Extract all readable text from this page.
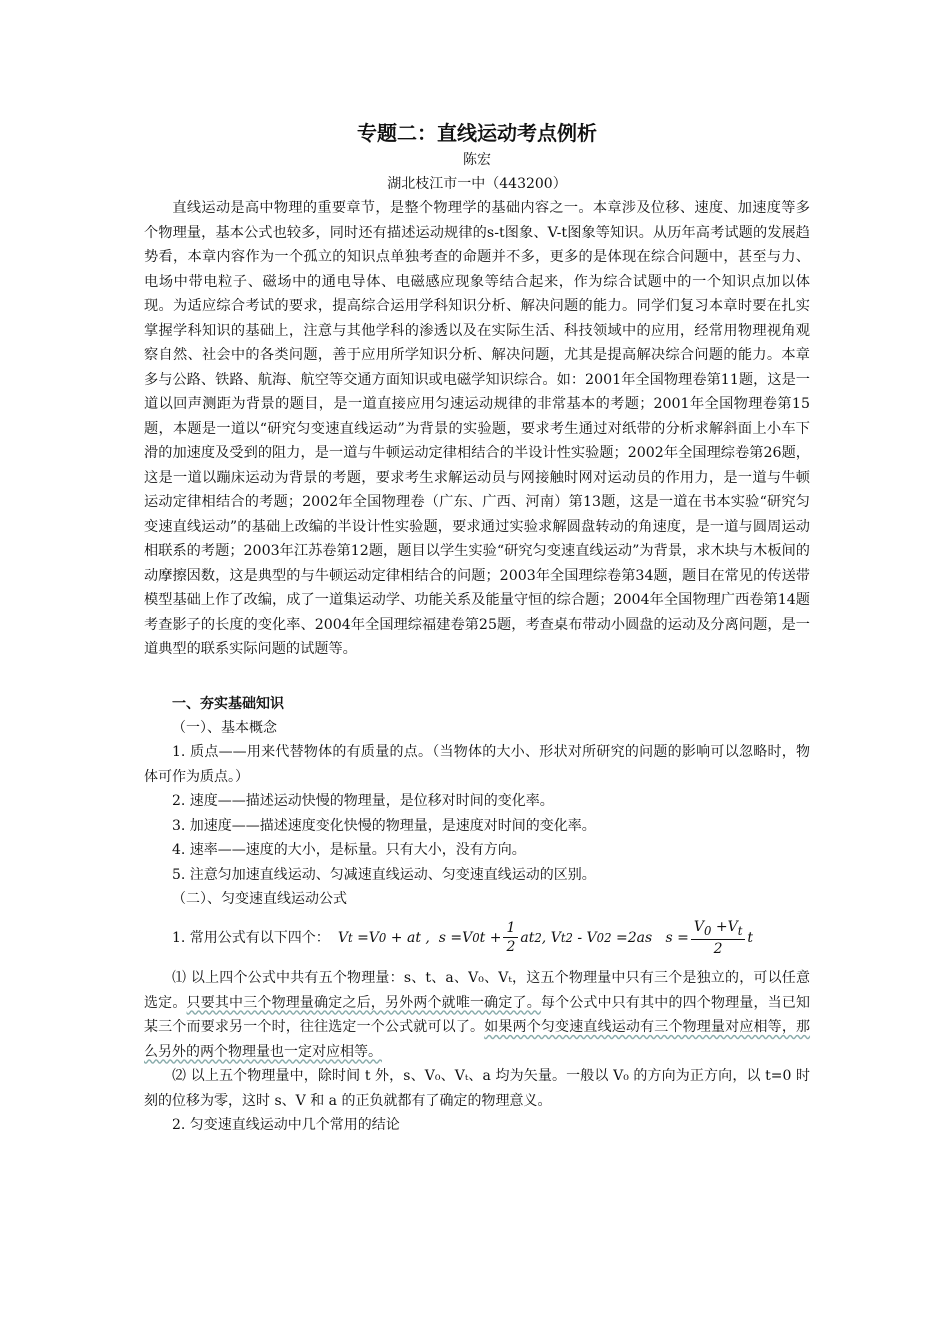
专题二：直线运动考点例析
陈宏
湖北枝江市一中（443200）

直线运动是高中物理的重要章节，是整个物理学的基础内容之一。本章涉及位移、速度、加速度等多个物理量，基本公式也较多，同时还有描述运动规律的s-t图象、V-t图象等知识。从历年高考试题的发展趋势看，本章内容作为一个孤立的知识点单独考查的命题并不多，更多的是体现在综合问题中，甚至与力、电场中带电粒子、磁场中的通电导体、电磁感应现象等结合起来，作为综合试题中的一个知识点加以体现。为适应综合考试的要求，提高综合运用学科知识分析、解决问题的能力。同学们复习本章时要在扎实掌握学科知识的基础上，注意与其他学科的渗透以及在实际生活、科技领域中的应用，经常用物理视角观察自然、社会中的各类问题，善于应用所学知识分析、解决问题，尤其是提高解决综合问题的能力。本章多与公路、铁路、航海、航空等交通方面知识或电磁学知识综合。如：2001年全国物理卷第11题，这是一道以回声测距为背景的题目，是一道直接应用匀速运动规律的非常基本的考题；2001年全国物理卷第15题，本题是一道以“研究匀变速直线运动”为背景的实验题，要求考生通过对纸带的分析求解斜面上小车下滑的加速度及受到的阻力，是一道与牛顿运动定律相结合的半设计性实验题；2002年全国理综卷第26题，这是一道以蹦床运动为背景的考题，要求考生求解运动员与网接触时网对运动员的作用力，是一道与牛顿运动定律相结合的考题；2002年全国物理卷（广东、广西、河南）第13题，这是一道在书本实验“研究匀变速直线运动”的基础上改编的半设计性实验题，要求通过实验求解圆盘转动的角速度，是一道与圆周运动相联系的考题；2003年江苏卷第12题，题目以学生实验“研究匀变速直线运动”为背景，求木块与木板间的动摩擦因数，这是典型的与牛顿运动定律相结合的问题；2003年全国理综卷第34题，题目在常见的传送带模型基础上作了改编，成了一道集运动学、功能关系及能量守恒的综合题；2004年全国物理广西卷第14题考查影子的长度的变化率、2004年全国理综福建卷第25题，考查桌布带动小圆盘的运动及分离问题，是一道典型的联系实际问题的试题等。

一、夯实基础知识
（一）、基本概念

1. 质点——用来代替物体的有质量的点。（当物体的大小、形状对所研究的问题的影响可以忽略时，物体可作为质点。）

2. 速度——描述运动快慢的物理量，是位移对时间的变化率。

3. 加速度——描述速度变化快慢的物理量，是速度对时间的变化率。

4. 速率——速度的大小，是标量。只有大小，没有方向。

5. 注意匀加速直线运动、匀减速直线运动、匀变速直线运动的区别。

（二）、匀变速直线运动公式
1. 常用公式有以下四个： V t =V 0 + at ,  s =V 0 $t + \frac{1}{2}$ at 2 , V t 2 - V 0 2 =2as   $s = \frac{V_0 +V_t}{2}$ t

⑴ 以上四个公式中共有五个物理量：s、t、a、V₀、Vₜ，这五个物理量中只有三个是独立的，可以任意选定。只要其中三个物理量确定之后，另外两个就唯一确定了。每个公式中只有其中的四个物理量，当已知某三个而要求另一个时，往往选定一个公式就可以了。如果两个匀变速直线运动有三个物理量对应相等，那么另外的两个物理量也一定对应相等。

⑵ 以上五个物理量中，除时间 t 外，s、V₀、Vₜ、a 均为矢量。一般以 V₀ 的方向为正方向，以 t=0 时刻的位移为零，这时 s、V 和 a 的正负就都有了确定的物理意义。

2. 匀变速直线运动中几个常用的结论
